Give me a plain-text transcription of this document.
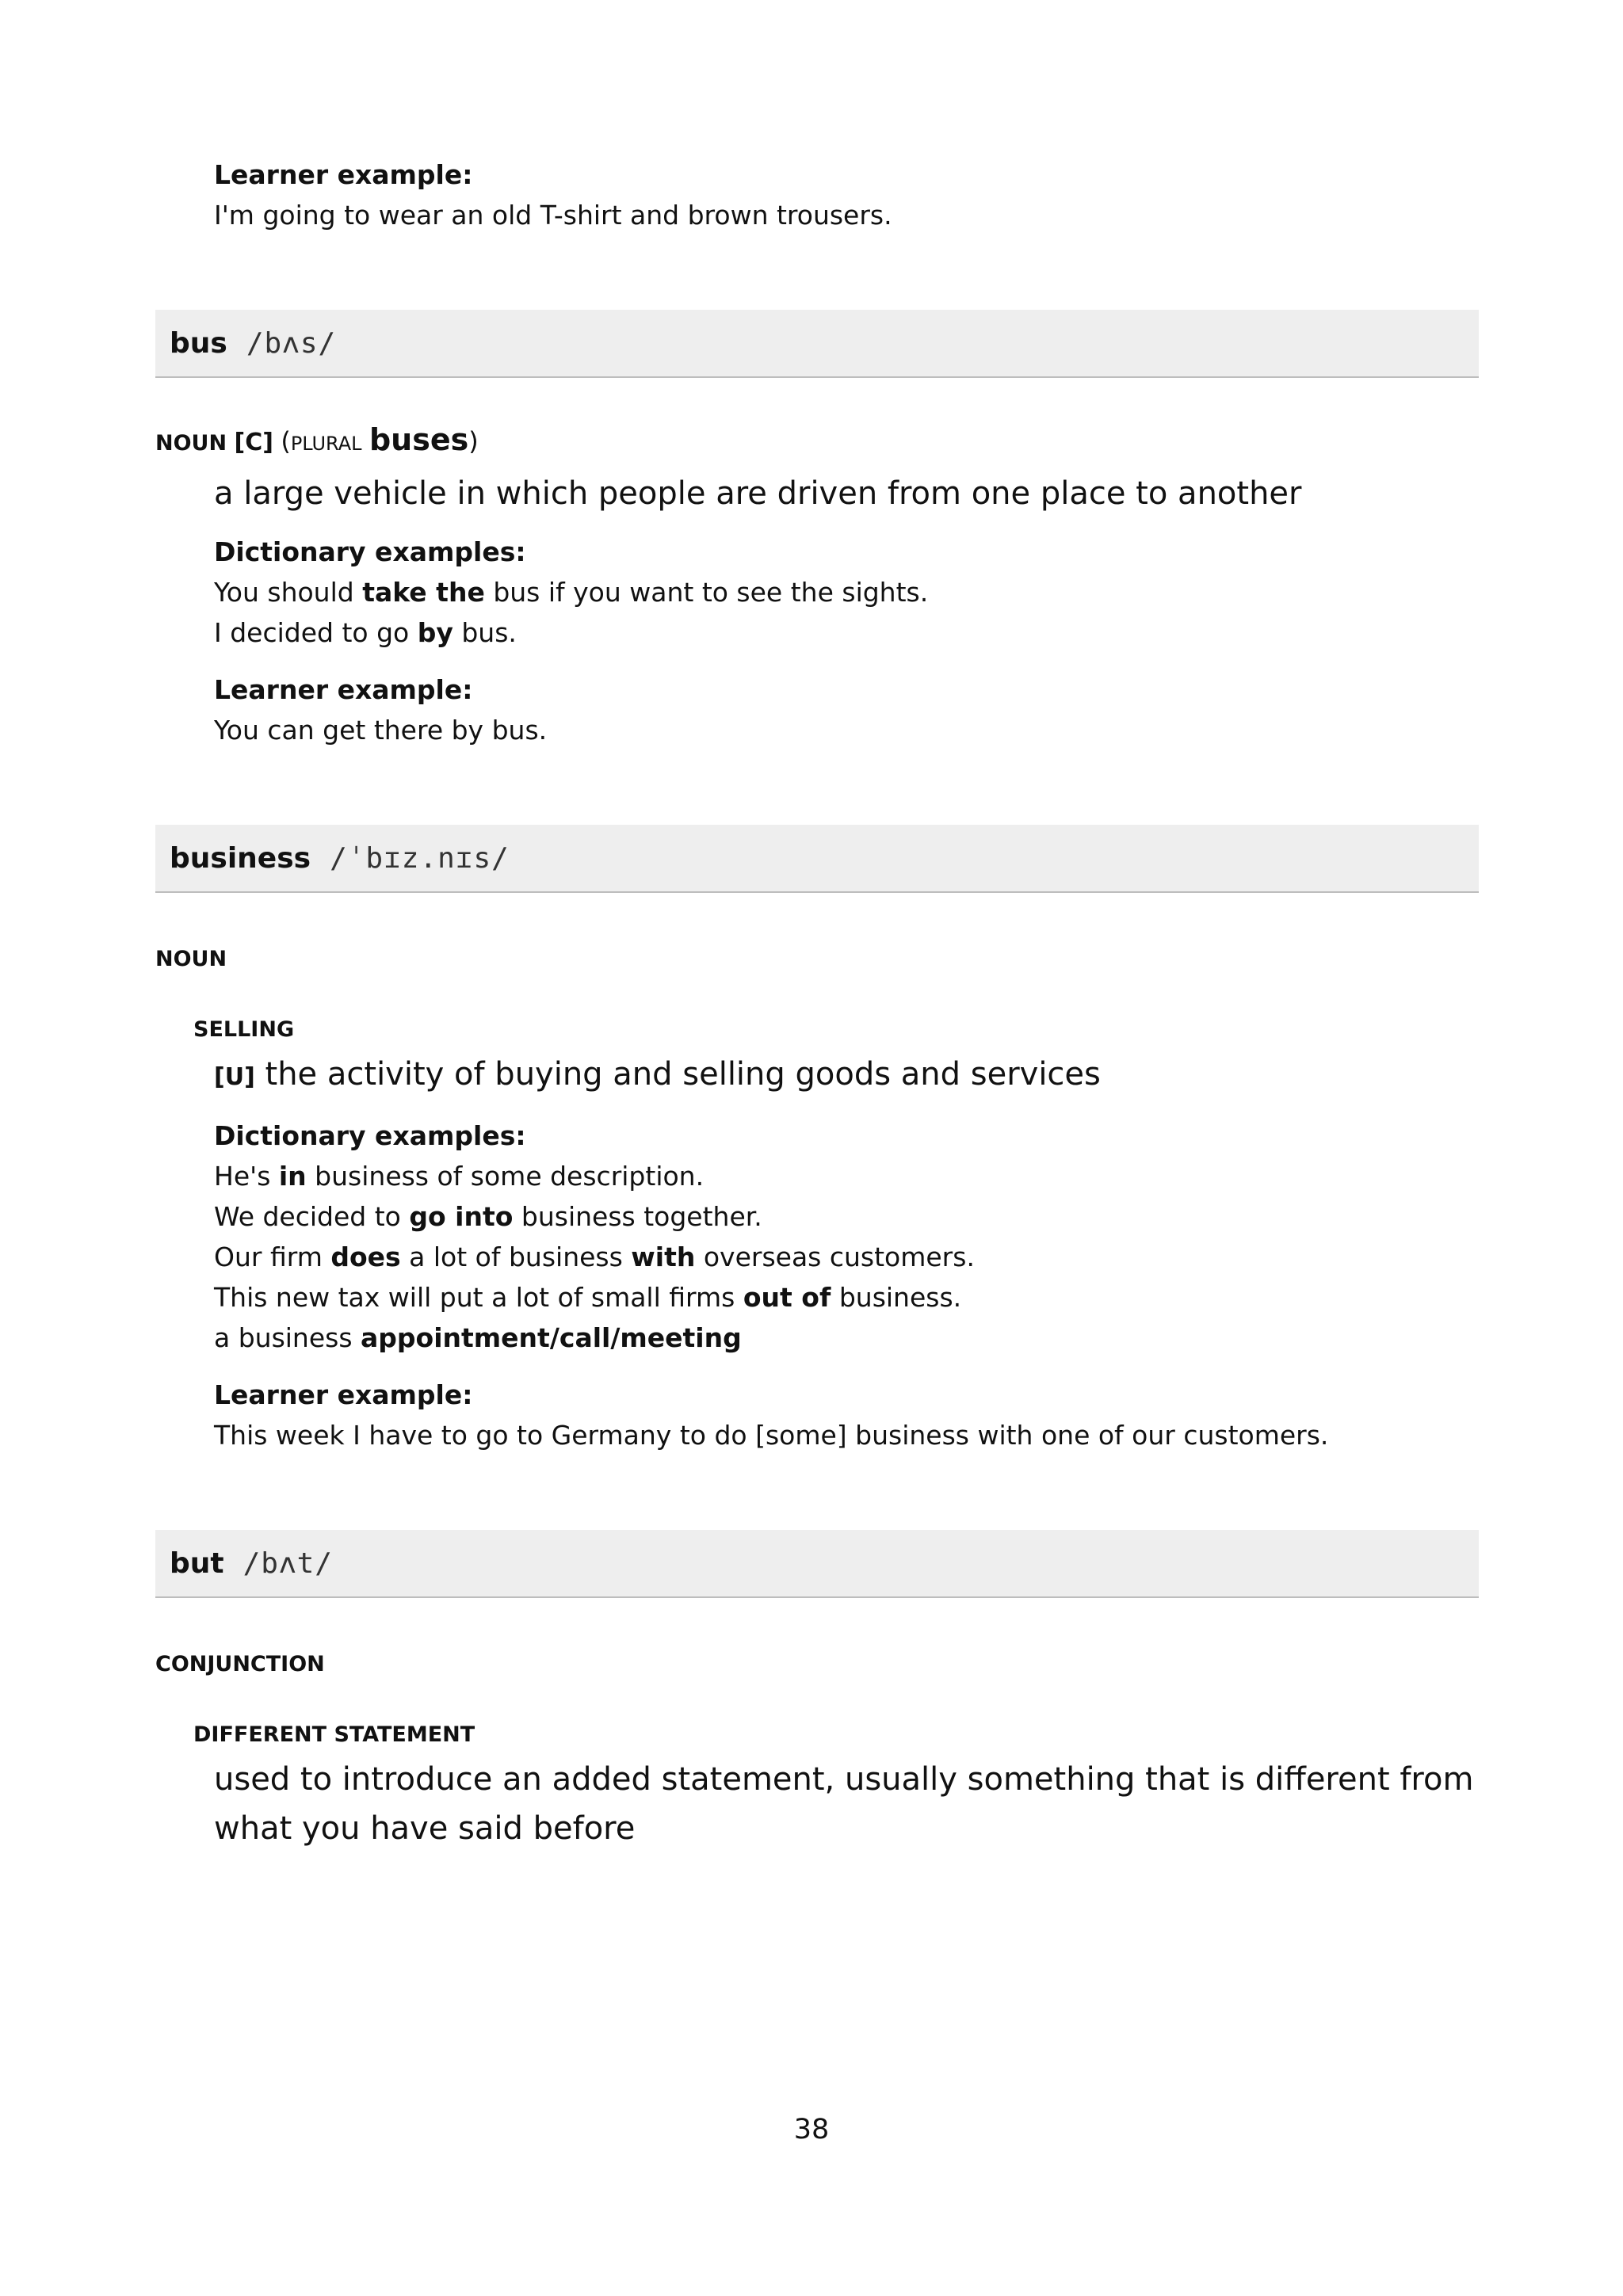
Learner example:

I'm going to wear an old T-shirt and brown trousers.

bus /bʌs/

NOUN [C] (PLURAL buses)

a large vehicle in which people are driven from one place to another

Dictionary examples:

You should take the bus if you want to see the sights.

I decided to go by bus.

Learner example:

You can get there by bus.

business /ˈbɪz.nɪs/

NOUN

SELLING

[U] the activity of buying and selling goods and services

Dictionary examples:

He's in business of some description.

We decided to go into business together.

Our firm does a lot of business with overseas customers.

This new tax will put a lot of small firms out of business.

a business appointment/call/meeting

Learner example:

This week I have to go to Germany to do [some] business with one of our customers.

but /bʌt/

CONJUNCTION

DIFFERENT STATEMENT

used to introduce an added statement, usually something that is different from
what you have said before

38
